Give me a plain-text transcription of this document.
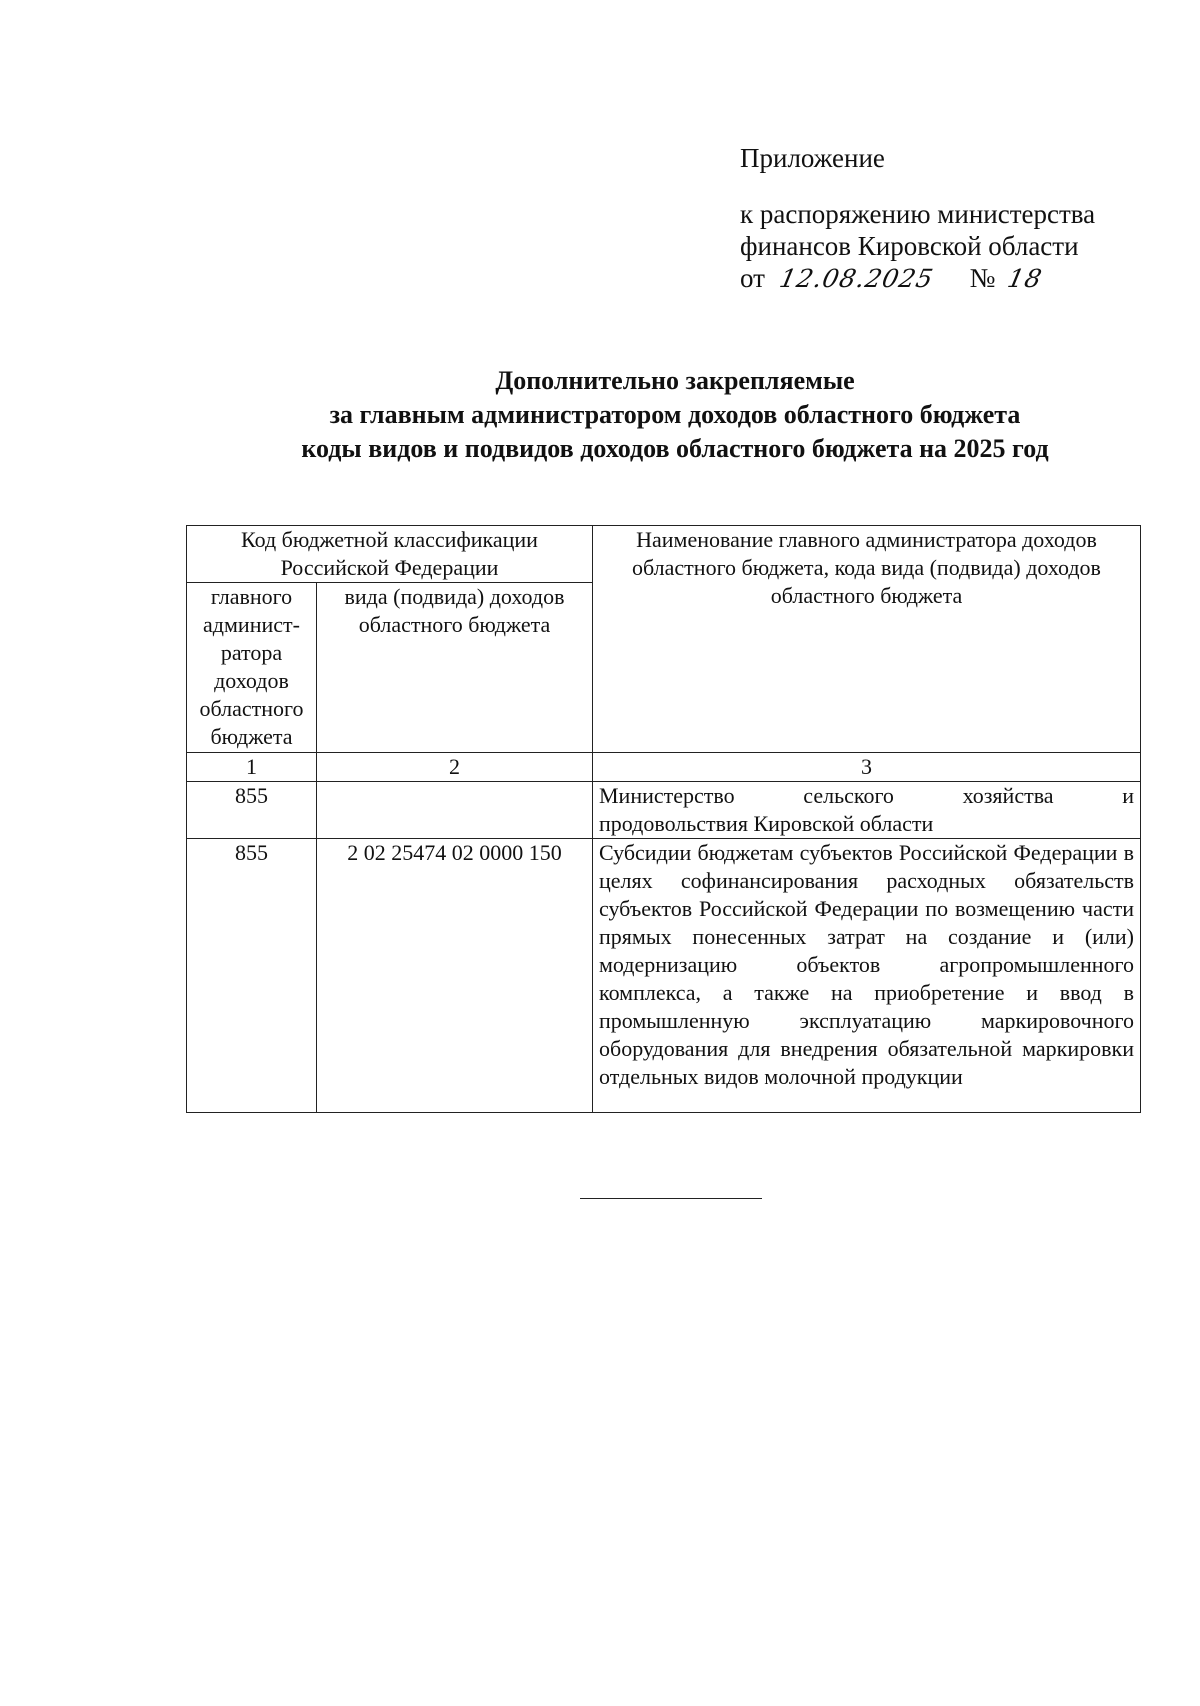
Приложение
к распоряжению министерства
финансов Кировской области
от 12.08.2025 № 18
Дополнительно закрепляемые
за главным администратором доходов областного бюджета
коды видов и подвидов доходов областного бюджета на 2025 год
Код бюджетной классификации Российской Федерации		Наименование главного администратора доходов областного бюджета, кода вида (подвида) доходов областного бюджета
главного админист-ратора доходов областного бюджета	вида (подвида) доходов областного бюджета	
1	2	3
855		Министерство сельского хозяйства и
продовольствия Кировской области

855	2 02 25474 02 0000 150	Субсидии бюджетам субъектов Российской Федерации в целях софинансирования расходных обязательств субъектов Российской Федерации по возмещению части прямых понесенных затрат на создание и (или) модернизацию объектов агропромышленного комплекса, а также на приобретение и ввод в промышленную эксплуатацию маркировочного оборудования для внедрения обязательной маркировки отдельных видов молочной продукции
